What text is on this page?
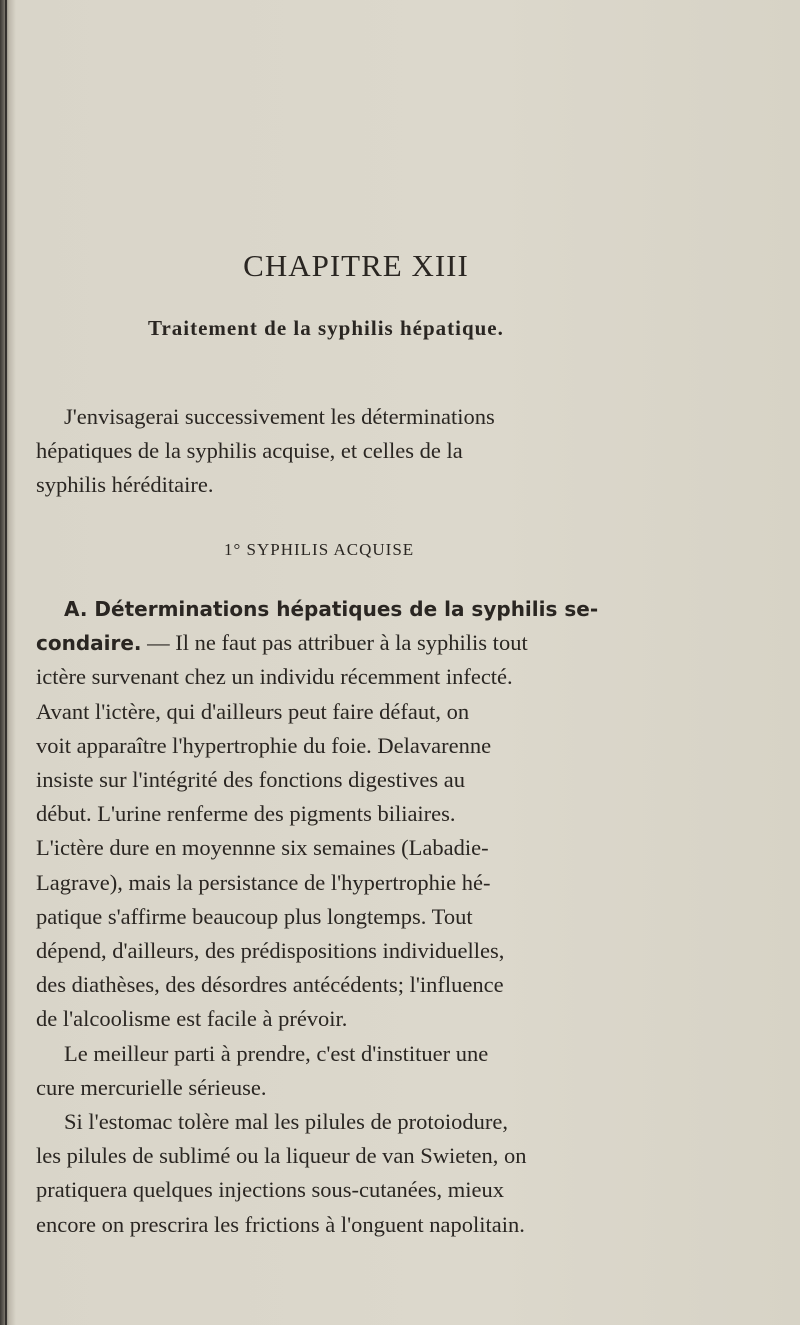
CHAPITRE XIII
Traitement de la syphilis hépatique.
J'envisagerai successivement les déterminations
hépatiques de la syphilis acquise, et celles de la
syphilis héréditaire.
1° SYPHILIS ACQUISE
A. Déterminations hépatiques de la syphilis se-
condaire. — Il ne faut pas attribuer à la syphilis tout
ictère survenant chez un individu récemment infecté.
Avant l'ictère, qui d'ailleurs peut faire défaut, on
voit apparaître l'hypertrophie du foie. Delavarenne
insiste sur l'intégrité des fonctions digestives au
début. L'urine renferme des pigments biliaires.
L'ictère dure en moyennne six semaines (Labadie-
Lagrave), mais la persistance de l'hypertrophie hé-
patique s'affirme beaucoup plus longtemps. Tout
dépend, d'ailleurs, des prédispositions individuelles,
des diathèses, des désordres antécédents; l'influence
de l'alcoolisme est facile à prévoir.
Le meilleur parti à prendre, c'est d'instituer une
cure mercurielle sérieuse.
Si l'estomac tolère mal les pilules de protoiodure,
les pilules de sublimé ou la liqueur de van Swieten, on
pratiquera quelques injections sous-cutanées, mieux
encore on prescrira les frictions à l'onguent napolitain.
